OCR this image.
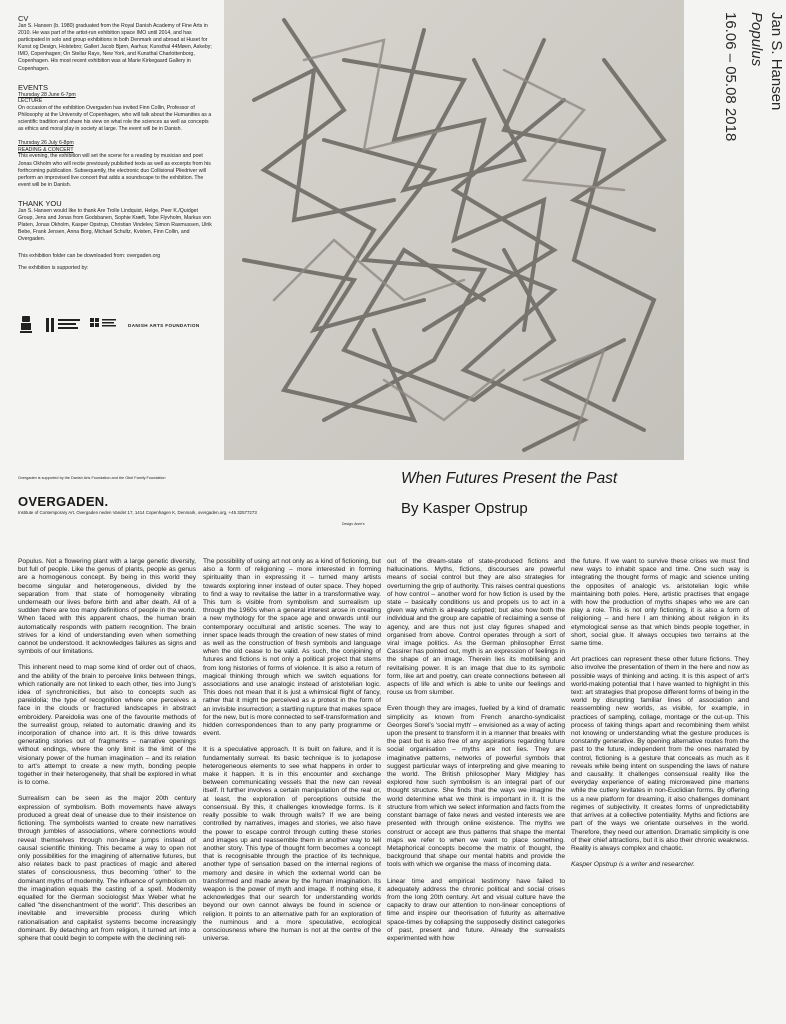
CV

Jan S. Hansen (b. 1980) graduated from the Royal Danish Academy of Fine Arts in 2010. He was part of the artist-run exhibition space IMO until 2014, and has participated in solo and group exhibitions in both Denmark and abroad at Huset for Kunst og Design, Holstebro; Galleri Jacob Bjørn, Aarhus; Kunsthal 44Møen, Askeby; IMO, Copenhagen; On Stellar Rays, New York, and Kunsthal Charlottenborg, Copenhagen. His most recent exhibition was at Marie Kirkegaard Gallery in Copenhagen.

EVENTS
Thursday 28 June 6-7pm
LECTURE

On occasion of the exhibition Overgaden has invited Finn Collin, Professor of Philosophy at the University of Copenhagen, who will talk about the Humanities as a scientific tradition and share his view on what role the sciences as well as concepts as ethics and moral play in society at large. The event will be in Danish.

Thursday 26 July 6-8pm
READING & CONCERT

This evening, the exhibition will set the scene for a reading by musician and poet Jonas Okholm who will recite previously published texts as well as excerpts from his forthcoming publication. Subsequently, the electronic duo Collisional Pliedriver will perform an improvised live concert that adds a soundscape to the exhibition. The event will be in Danish.

THANK YOU

Jan S. Hansen would like to thank Are Trolle Lindquist, Helge, Peer K./Quidget Group, Jens and Jonas from Godsbanen, Sophie Kræft, Tobe Flyvholm, Markus von Platen, Jonas Okholm, Kasper Opstrup, Christian Vindelev, Simon Rasmussen, Ulrik Bebe, Frank Jensen, Anna Borg, Michael Schultz, Kvisten, Finn Collin, and Overgaden.

This exhibition folder can be downloaded from: overgaden.org

The exhibition is supported by:

DANISH ARTS FOUNDATION
Jan S. Hansen
Populus
16.06 – 05.08 2018
Overgaden is supported by the Danish Arts Foundation and the Obel Family Foundation
OVERGADEN.
Institute of Contemporary Art, Overgaden neden Vandet 17, 1414 Copenhagen K, Denmark, overgaden.org, +45 32577273
Design: Anne's
When Futures Present the Past
By Kasper Opstrup

Populus. Not a flowering plant with a large genetic diversity, but full of people. Like the genus of plants, people as genus are a homogenous concept. By being in this world they become singular and heterogeneous, divided by the separation from that state of homogeneity vibrating underneath our lives before birth and after death. All of a sudden there are too many definitions of people in the world. When faced with this apparent chaos, the human brain automatically responds with pattern recognition. The brain strives for a kind of understanding even when something cannot be understood. It acknowledges failures as signs and symbols of our limitations.

This inherent need to map some kind of order out of chaos, and the ability of the brain to perceive links between things, which rationally are not linked to each other, ties into Jung's idea of synchronicities, but also to concepts such as pareidolia; the type of recognition where one perceives a face in the clouds or fractured landscapes in abstract embroidery. Pareidolia was one of the favourite methods of the surrealist group, related to automatic drawing and its incorporation of chance into art. It is this drive towards generating stories out of fragments – narrative openings without endings, where the only limit is the limit of the visionary power of the human imagination – and its relation to art's attempt to create a new myth, bonding people together in their heterogeneity, that shall be explored in what is to come.

Surrealism can be seen as the major 20th century expression of symbolism. Both movements have always produced a great deal of unease due to their insistence on fictioning. The symbolists wanted to create new narratives through jumbles of associations, where connections would reveal themselves through non-linear jumps instead of causal scientific thinking. This became a way to open not only possibilities for the imagining of alternative futures, but also relates back to past practices of magic and altered states of consciousness, thus becoming 'other' to the dominant myths of modernity. The influence of symbolism on the imagination equals the casting of a spell. Modernity equalled for the German sociologist Max Weber what he called "the disenchantment of the world". This describes an inevitable and irreversible process during which rationalisation and capitalist systems become increasingly dominant. By detaching art from religion, it turned art into a sphere that could begin to compete with the declining reli-

The possibility of using art not only as a kind of fictioning, but also a form of religioning – more interested in forming spirituality than in expressing it – turned many artists towards exploring inner instead of outer space. They hoped to find a way to revitalise the latter in a transformative way. This turn is visible from symbolism and surrealism up through the 1960s when a general interest arose in creating a new mythology for the space age and onwards until our contemporary occultural and artistic scenes. The way to inner space leads through the creation of new states of mind as well as the construction of fresh symbols and language when the old cease to be valid. As such, the conjoining of futures and fictions is not only a political project that stems from long histories of forms of violence. It is also a return of magical thinking through which we switch equations for associations and use analogic instead of aristotelian logic. This does not mean that it is just a whimsical flight of fancy, rather that it might be perceived as a protest in the form of an invisible insurrection; a startling rupture that makes space for the new, but is more connected to self-transformation and hidden correspondences than to any party programme or event.

It is a speculative approach. It is built on failure, and it is fundamentally surreal. Its basic technique is to juxtapose heterogeneous elements to see what happens in order to make it happen. It is in this encounter and exchange between communicating vessels that the new can reveal itself. It further involves a certain manipulation of the real or, at least, the exploration of perceptions outside the consensual. By this, it challenges knowledge forms. Is it really possible to walk through walls? If we are being controlled by narratives, images and stories, we also have the power to escape control through cutting these stories and images up and reassemble them in another way to tell another story. This type of thought form becomes a concept that is recognisable through the practice of its technique, another type of sensation based on the internal regions of memory and desire in which the external world can be transformed and made anew by the human imagination. Its weapon is the power of myth and image. If nothing else, it acknowledges that our search for understanding worlds beyond our own cannot always be found in science or religion. It points to an alternative path for an exploration of the numinous and a more speculative, ecological consciousness where the human is not at the centre of the universe.

out of the dream-state of state-produced fictions and hallucinations. Myths, fictions, discourses are powerful means of social control but they are also strategies for overturning the grip of authority. This raises central questions of how control – another word for how fiction is used by the state – basically conditions us and propels us to act in a given way which is already scripted; but also how both the individual and the group are capable of reclaiming a sense of agency, and are thus not just clay figures shaped and organised from above. Control operates through a sort of viral image politics. As the German philosopher Ernst Cassirer has pointed out, myth is an expression of feelings in the shape of an image. Therein lies its mobilising and revitalising power. It is an image that due to its symbolic form, like art and poetry, can create connections between all aspects of life and which is able to unite our feelings and rouse us from slumber.

Even though they are images, fuelled by a kind of dramatic simplicity as known from French anarcho-syndicalist Georges Sorel's 'social myth' – envisioned as a way of acting upon the present to transform it in a manner that breaks with the past but is also free of any aspirations regarding future social organisation – myths are not lies. They are imaginative patterns, networks of powerful symbols that suggest particular ways of interpreting and give meaning to the world. The British philosopher Mary Midgley has explored how such symbolism is an integral part of our thought structure. She finds that the ways we imagine the world determine what we think is important in it. It is the structure from which we select information and facts from the constant barrage of fake news and vested interests we are presented with through online existence. The myths we construct or accept are thus patterns that shape the mental maps we refer to when we want to place something. Metaphorical concepts become the matrix of thought, the background that shape our mental habits and provide the tools with which we organise the mass of incoming data.

Linear time and empirical testimony have failed to adequately address the chronic political and social crises from the long 20th century. Art and visual culture have the capacity to draw our attention to non-linear conceptions of time and inspire our theorisation of futurity as alternative space-times by collapsing the supposedly distinct categories of past, present and future. Already the surrealists experimented with how

the future. If we want to survive these crises we must find new ways to inhabit space and time. One such way is integrating the thought forms of magic and science uniting the opposites of analogic vs. aristotelian logic while maintaining both poles. Here, artistic practises that engage with how the production of myths shapes who we are can play a role. This is not only fictioning, it is also a form of religioning – and here I am thinking about religion in its etymological sense as that which binds people together, in short, social glue. It always occupies two terrains at the same time.

Art practices can represent these other future fictions. They also involve the presentation of them in the here and now as possible ways of thinking and acting. It is this aspect of art's world-making potential that I have wanted to highlight in this text: art strategies that propose different forms of being in the world by disrupting familiar lines of association and reassembling new worlds, as visible, for example, in practices of sampling, collage, montage or the cut-up. This process of taking things apart and recombining them whilst not knowing or understanding what the gesture produces is constantly generative. By opening alternative routes from the past to the future, independent from the ones narrated by control, fictioning is a gesture that conceals as much as it reveals while being intent on suspending the laws of nature and causality. It challenges consensual reality like the everyday experience of eating microwaved pine martens while the cutlery levitates in non-Euclidian forms. By offering us a new platform for dreaming, it also challenges dominant regimes of subjectivity. It creates forms of unpredictability that arrives at a collective potentiality. Myths and fictions are part of the ways we orientate ourselves in the world. Therefore, they need our attention. Dramatic simplicity is one of their chief attractions, but it is also their chronic weakness. Reality is always complex and chaotic.

Kasper Opstrup is a writer and researcher.
